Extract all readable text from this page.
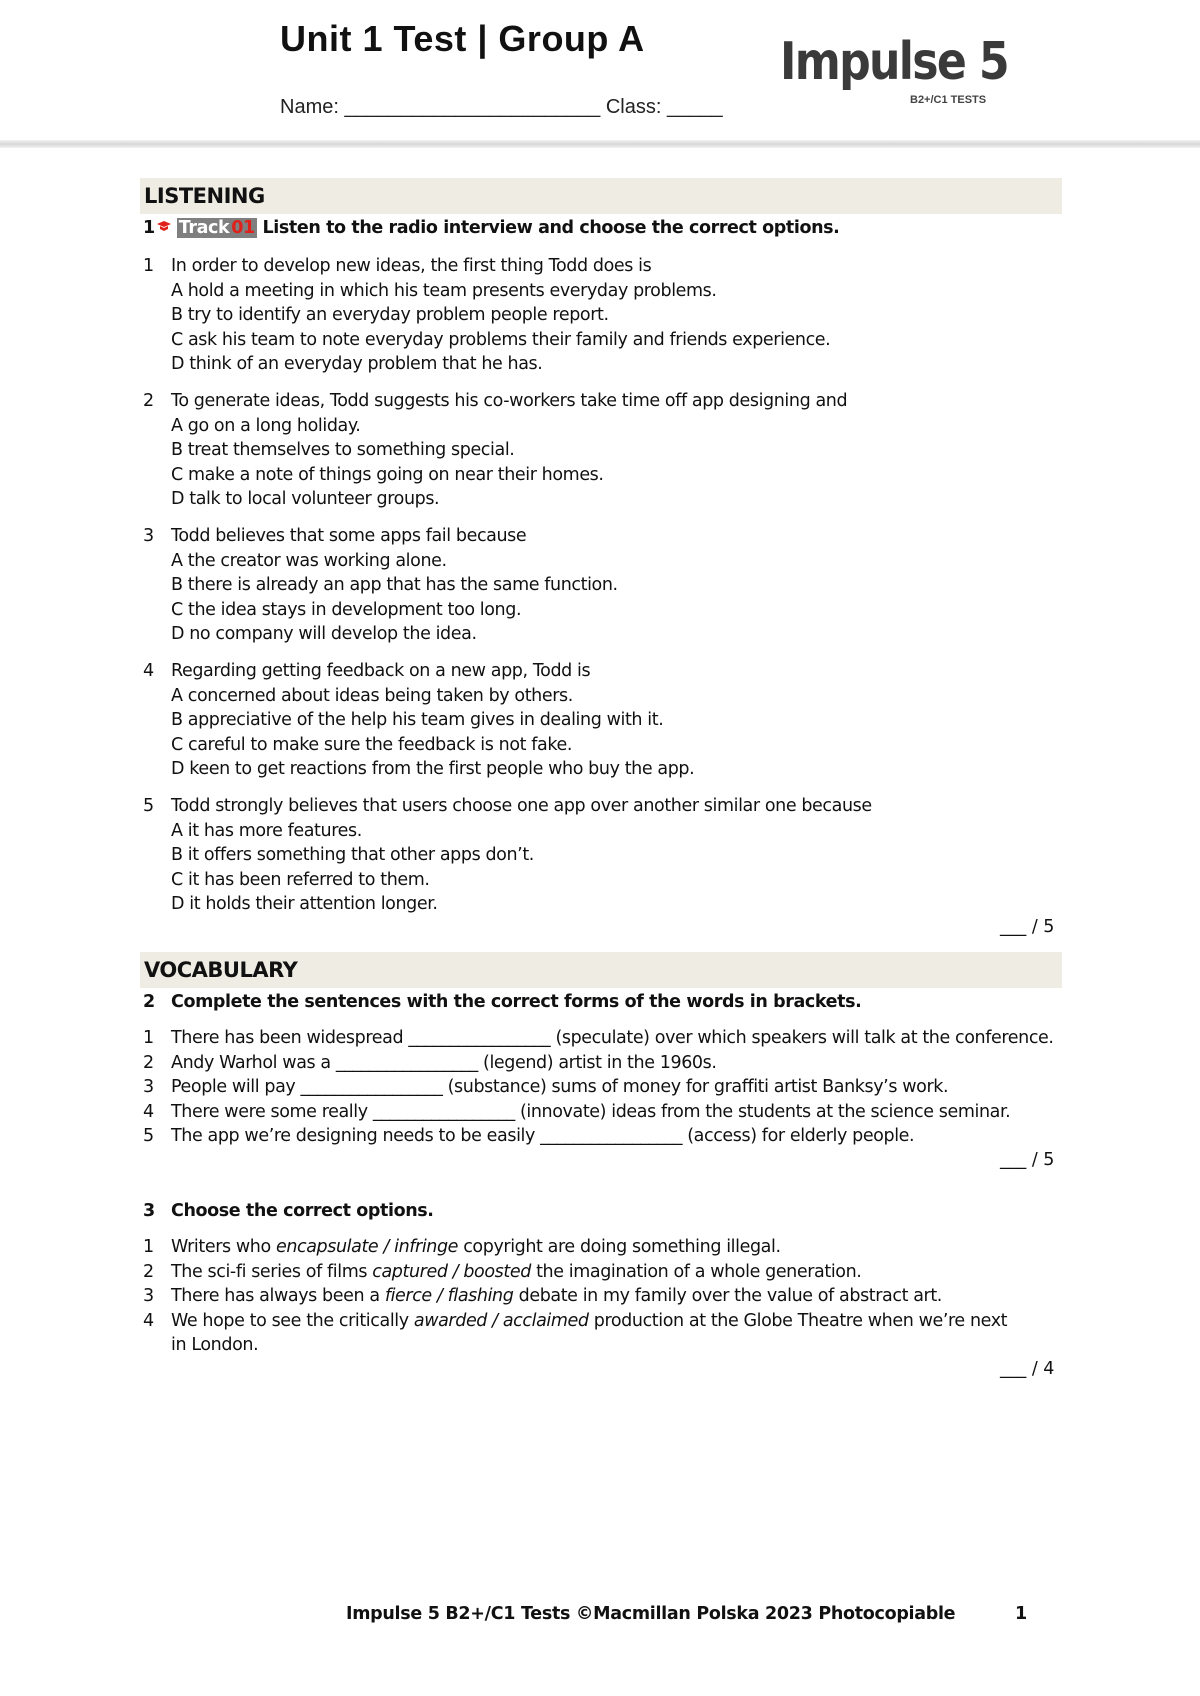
Unit 1 Test | Group A
Name: _______________________ Class: _____
Impulse 5
B2+/C1 TESTS
LISTENING
1 Track 01 Listen to the radio interview and choose the correct options.
1 In order to develop new ideas, the first thing Todd does is
A hold a meeting in which his team presents everyday problems.
B try to identify an everyday problem people report.
C ask his team to note everyday problems their family and friends experience.
D think of an everyday problem that he has.
2 To generate ideas, Todd suggests his co-workers take time off app designing and
A go on a long holiday.
B treat themselves to something special.
C make a note of things going on near their homes.
D talk to local volunteer groups.
3 Todd believes that some apps fail because
A the creator was working alone.
B there is already an app that has the same function.
C the idea stays in development too long.
D no company will develop the idea.
4 Regarding getting feedback on a new app, Todd is
A concerned about ideas being taken by others.
B appreciative of the help his team gives in dealing with it.
C careful to make sure the feedback is not fake.
D keen to get reactions from the first people who buy the app.
5 Todd strongly believes that users choose one app over another similar one because
A it has more features.
B it offers something that other apps don’t.
C it has been referred to them.
D it holds their attention longer.
___ / 5
VOCABULARY
2 Complete the sentences with the correct forms of the words in brackets.
1 There has been widespread _________________ (speculate) over which speakers will talk at the conference.
2 Andy Warhol was a _________________ (legend) artist in the 1960s.
3 People will pay _________________ (substance) sums of money for graffiti artist Banksy’s work.
4 There were some really _________________ (innovate) ideas from the students at the science seminar.
5 The app we’re designing needs to be easily _________________ (access) for elderly people.
___ / 5
3 Choose the correct options.
1 Writers who encapsulate / infringe copyright are doing something illegal.
2 The sci-fi series of films captured / boosted the imagination of a whole generation.
3 There has always been a fierce / flashing debate in my family over the value of abstract art.
4 We hope to see the critically awarded / acclaimed production at the Globe Theatre when we’re next
in London.
___ / 4
Impulse 5 B2+/C1 Tests ©Macmillan Polska 2023 Photocopiable	1
